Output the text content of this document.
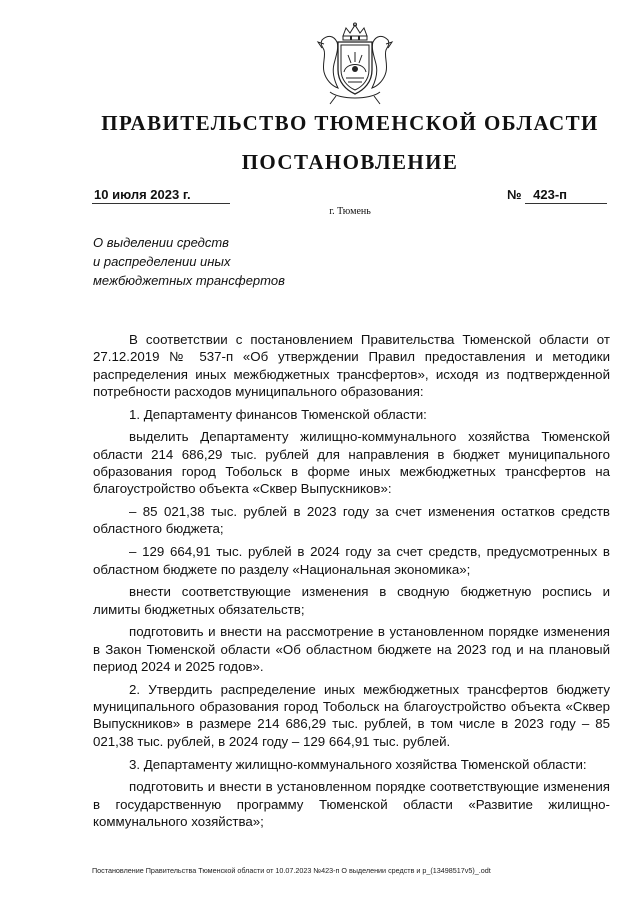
ПРАВИТЕЛЬСТВО ТЮМЕНСКОЙ ОБЛАСТИ
ПОСТАНОВЛЕНИЕ
10 июля 2023 г.	№ 423-п
г. Тюмень
О выделении средств
и распределении иных
межбюджетных трансфертов

В соответствии с постановлением Правительства Тюменской области от 27.12.2019 № 537-п «Об утверждении Правил предоставления и методики распределения иных межбюджетных трансфертов», исходя из подтвержденной потребности расходов муниципального образования:

1. Департаменту финансов Тюменской области:

выделить Департаменту жилищно-коммунального хозяйства Тюменской области 214 686,29 тыс. рублей для направления в бюджет муниципального образования город Тобольск в форме иных межбюджетных трансфертов на благоустройство объекта «Сквер Выпускников»:

– 85 021,38 тыс. рублей в 2023 году за счет изменения остатков средств областного бюджета;

– 129 664,91 тыс. рублей в 2024 году за счет средств, предусмотренных в областном бюджете по разделу «Национальная экономика»;

внести соответствующие изменения в сводную бюджетную роспись и лимиты бюджетных обязательств;

подготовить и внести на рассмотрение в установленном порядке изменения в Закон Тюменской области «Об областном бюджете на 2023 год и на плановый период 2024 и 2025 годов».

2. Утвердить распределение иных межбюджетных трансфертов бюджету муниципального образования город Тобольск на благоустройство объекта «Сквер Выпускников» в размере 214 686,29 тыс. рублей, в том числе в 2023 году – 85 021,38 тыс. рублей, в 2024 году – 129 664,91 тыс. рублей.

3. Департаменту жилищно-коммунального хозяйства Тюменской области:

подготовить и внести в установленном порядке соответствующие изменения в государственную программу Тюменской области «Развитие жилищно-коммунального хозяйства»;

Постановление Правительства Тюменской области от 10.07.2023 №423-п О выделении средств и р_(13498517v5)_.odt
